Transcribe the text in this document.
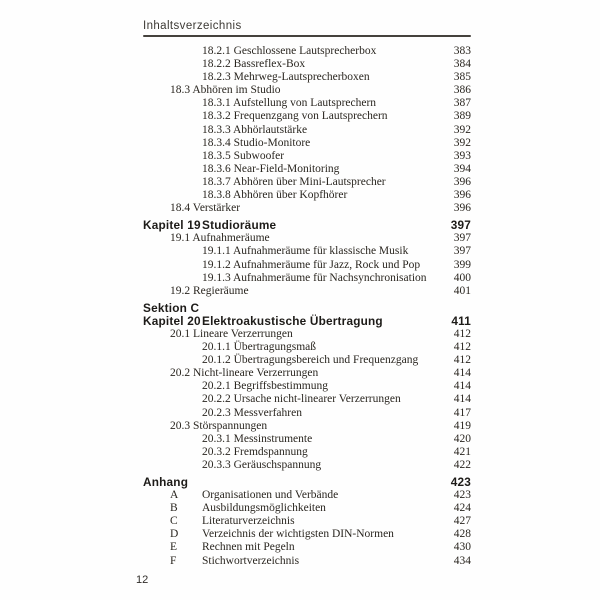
Inhaltsverzeichnis
18.2.1 Geschlossene Lautsprecherbox	383
18.2.2 Bassreflex-Box	384
18.2.3 Mehrweg-Lautsprecherboxen	385
18.3 Abhören im Studio	386
18.3.1 Aufstellung von Lautsprechern	387
18.3.2 Frequenzgang von Lautsprechern	389
18.3.3 Abhörlautstärke	392
18.3.4 Studio-Monitore	392
18.3.5 Subwoofer	393
18.3.6 Near-Field-Monitoring	394
18.3.7 Abhören über Mini-Lautsprecher	396
18.3.8 Abhören über Kopfhörer	396
18.4 Verstärker	396
Kapitel 19 Studioräume	397
19.1 Aufnahmeräume	397
19.1.1 Aufnahmeräume für klassische Musik	397
19.1.2 Aufnahmeräume für Jazz, Rock und Pop	399
19.1.3 Aufnahmeräume für Nachsynchronisation	400
19.2 Regieräume	401
Sektion C
Kapitel 20 Elektroakustische Übertragung	411
20.1 Lineare Verzerrungen	412
20.1.1 Übertragungsmaß	412
20.1.2 Übertragungsbereich und Frequenzgang	412
20.2 Nicht-lineare Verzerrungen	414
20.2.1 Begriffsbestimmung	414
20.2.2 Ursache nicht-linearer Verzerrungen	414
20.2.3 Messverfahren	417
20.3 Störspannungen	419
20.3.1 Messinstrumente	420
20.3.2 Fremdspannung	421
20.3.3 Geräuschspannung	422
Anhang	423
A	Organisationen und Verbände	423
B	Ausbildungsmöglichkeiten	424
C	Literaturverzeichnis	427
D	Verzeichnis der wichtigsten DIN-Normen	428
E	Rechnen mit Pegeln	430
F	Stichwortverzeichnis	434
12
